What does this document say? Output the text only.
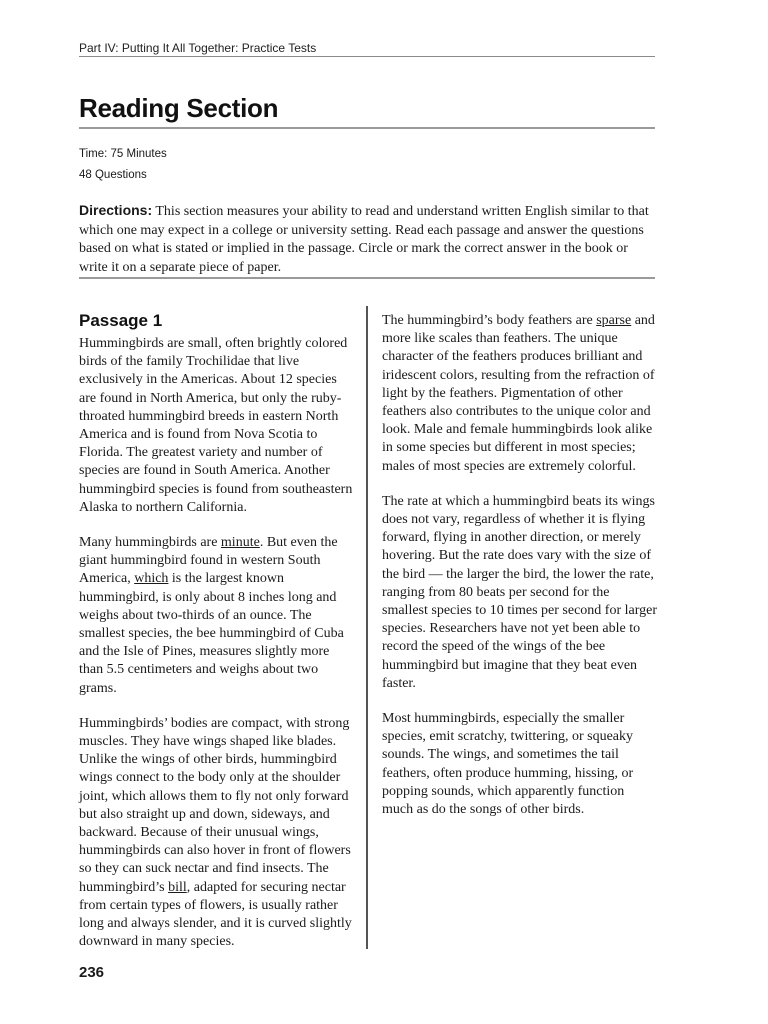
Part IV: Putting It All Together: Practice Tests
Reading Section
Time: 75 Minutes
48 Questions

Directions: This section measures your ability to read and understand written English similar to that which one may expect in a college or university setting. Read each passage and answer the questions based on what is stated or implied in the passage. Circle or mark the correct answer in the book or write it on a separate piece of paper.

Passage 1

Hummingbirds are small, often brightly colored birds of the family Trochilidae that live exclusively in the Americas. About 12 species are found in North America, but only the ruby-throated hummingbird breeds in eastern North America and is found from Nova Scotia to Florida. The greatest variety and number of species are found in South America. Another hummingbird species is found from southeastern Alaska to northern California.

Many hummingbirds are minute. But even the giant hummingbird found in western South America, which is the largest known hummingbird, is only about 8 inches long and weighs about two-thirds of an ounce. The smallest species, the bee hummingbird of Cuba and the Isle of Pines, measures slightly more than 5.5 centimeters and weighs about two grams.

Hummingbirds’ bodies are compact, with strong muscles. They have wings shaped like blades. Unlike the wings of other birds, hummingbird wings connect to the body only at the shoulder joint, which allows them to fly not only forward but also straight up and down, sideways, and backward. Because of their unusual wings, hummingbirds can also hover in front of flowers so they can suck nectar and find insects. The hummingbird’s bill, adapted for securing nectar from certain types of flowers, is usually rather long and always slender, and it is curved slightly downward in many species.

The hummingbird’s body feathers are sparse and more like scales than feathers. The unique character of the feathers produces brilliant and iridescent colors, resulting from the refraction of light by the feathers. Pigmentation of other feathers also contributes to the unique color and look. Male and female hummingbirds look alike in some species but different in most species; males of most species are extremely colorful.

The rate at which a hummingbird beats its wings does not vary, regardless of whether it is flying forward, flying in another direction, or merely hovering. But the rate does vary with the size of the bird — the larger the bird, the lower the rate, ranging from 80 beats per second for the smallest species to 10 times per second for larger species. Researchers have not yet been able to record the speed of the wings of the bee hummingbird but imagine that they beat even faster.

Most hummingbirds, especially the smaller species, emit scratchy, twittering, or squeaky sounds. The wings, and sometimes the tail feathers, often produce humming, hissing, or popping sounds, which apparently function much as do the songs of other birds.

236
